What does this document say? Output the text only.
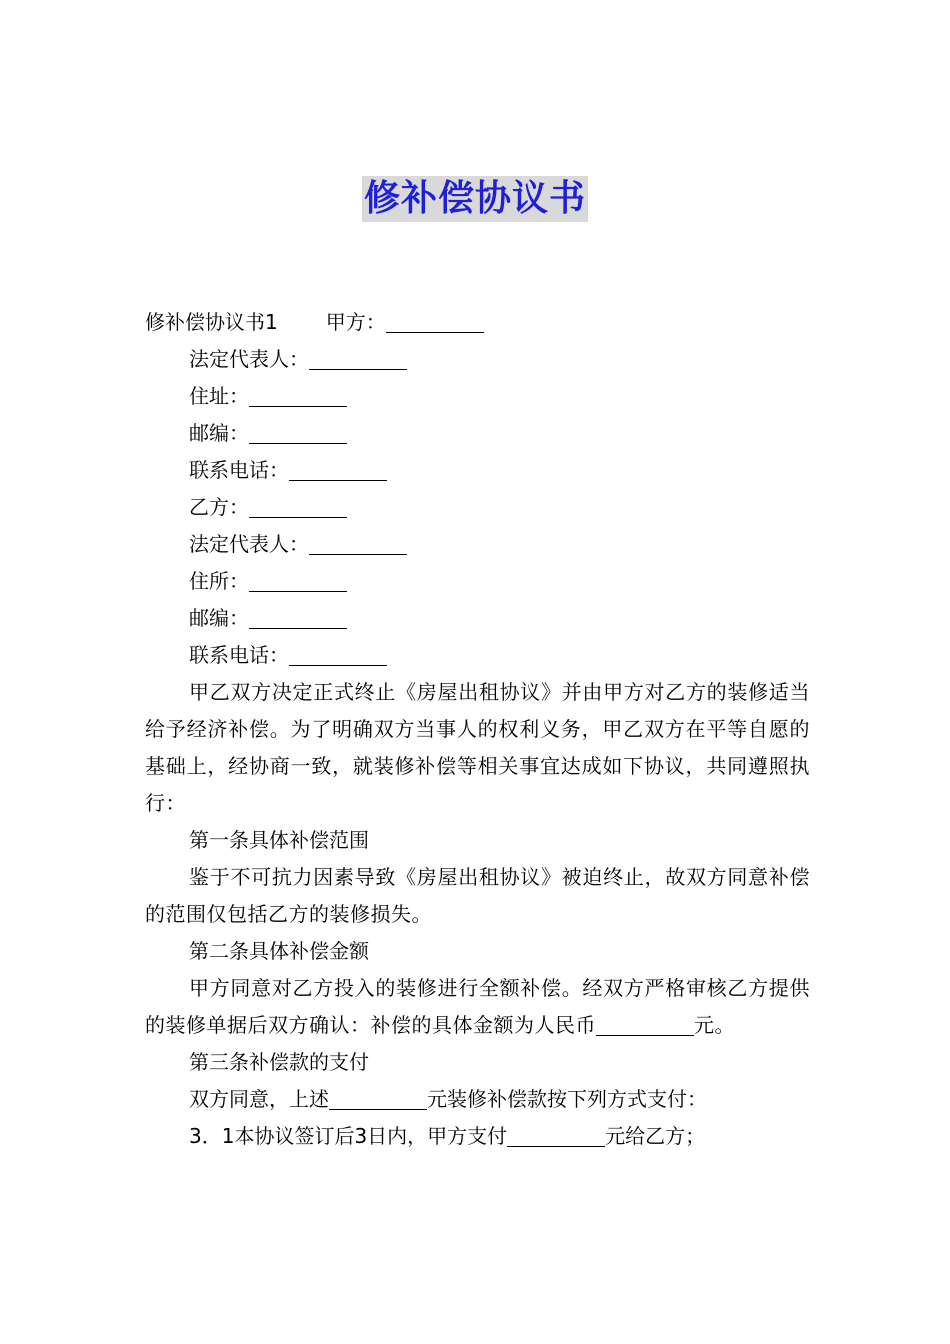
修补偿协议书
修补偿协议书1 甲方：
法定代表人：
住址：
邮编：
联系电话：
乙方：
法定代表人：
住所：
邮编：
联系电话：
甲乙双方决定正式终止《房屋出租协议》并由甲方对乙方的装修适当给予经济补偿。为了明确双方当事人的权利义务，甲乙双方在平等自愿的基础上，经协商一致，就装修补偿等相关事宜达成如下协议，共同遵照执行：
第一条具体补偿范围
鉴于不可抗力因素导致《房屋出租协议》被迫终止，故双方同意补偿的范围仅包括乙方的装修损失。
第二条具体补偿金额
甲方同意对乙方投入的装修进行全额补偿。经双方严格审核乙方提供的装修单据后双方确认：补偿的具体金额为人民币	元。
第三条补偿款的支付
双方同意，上述	元装修补偿款按下列方式支付：
3．1本协议签订后3日内，甲方支付	元给乙方；
